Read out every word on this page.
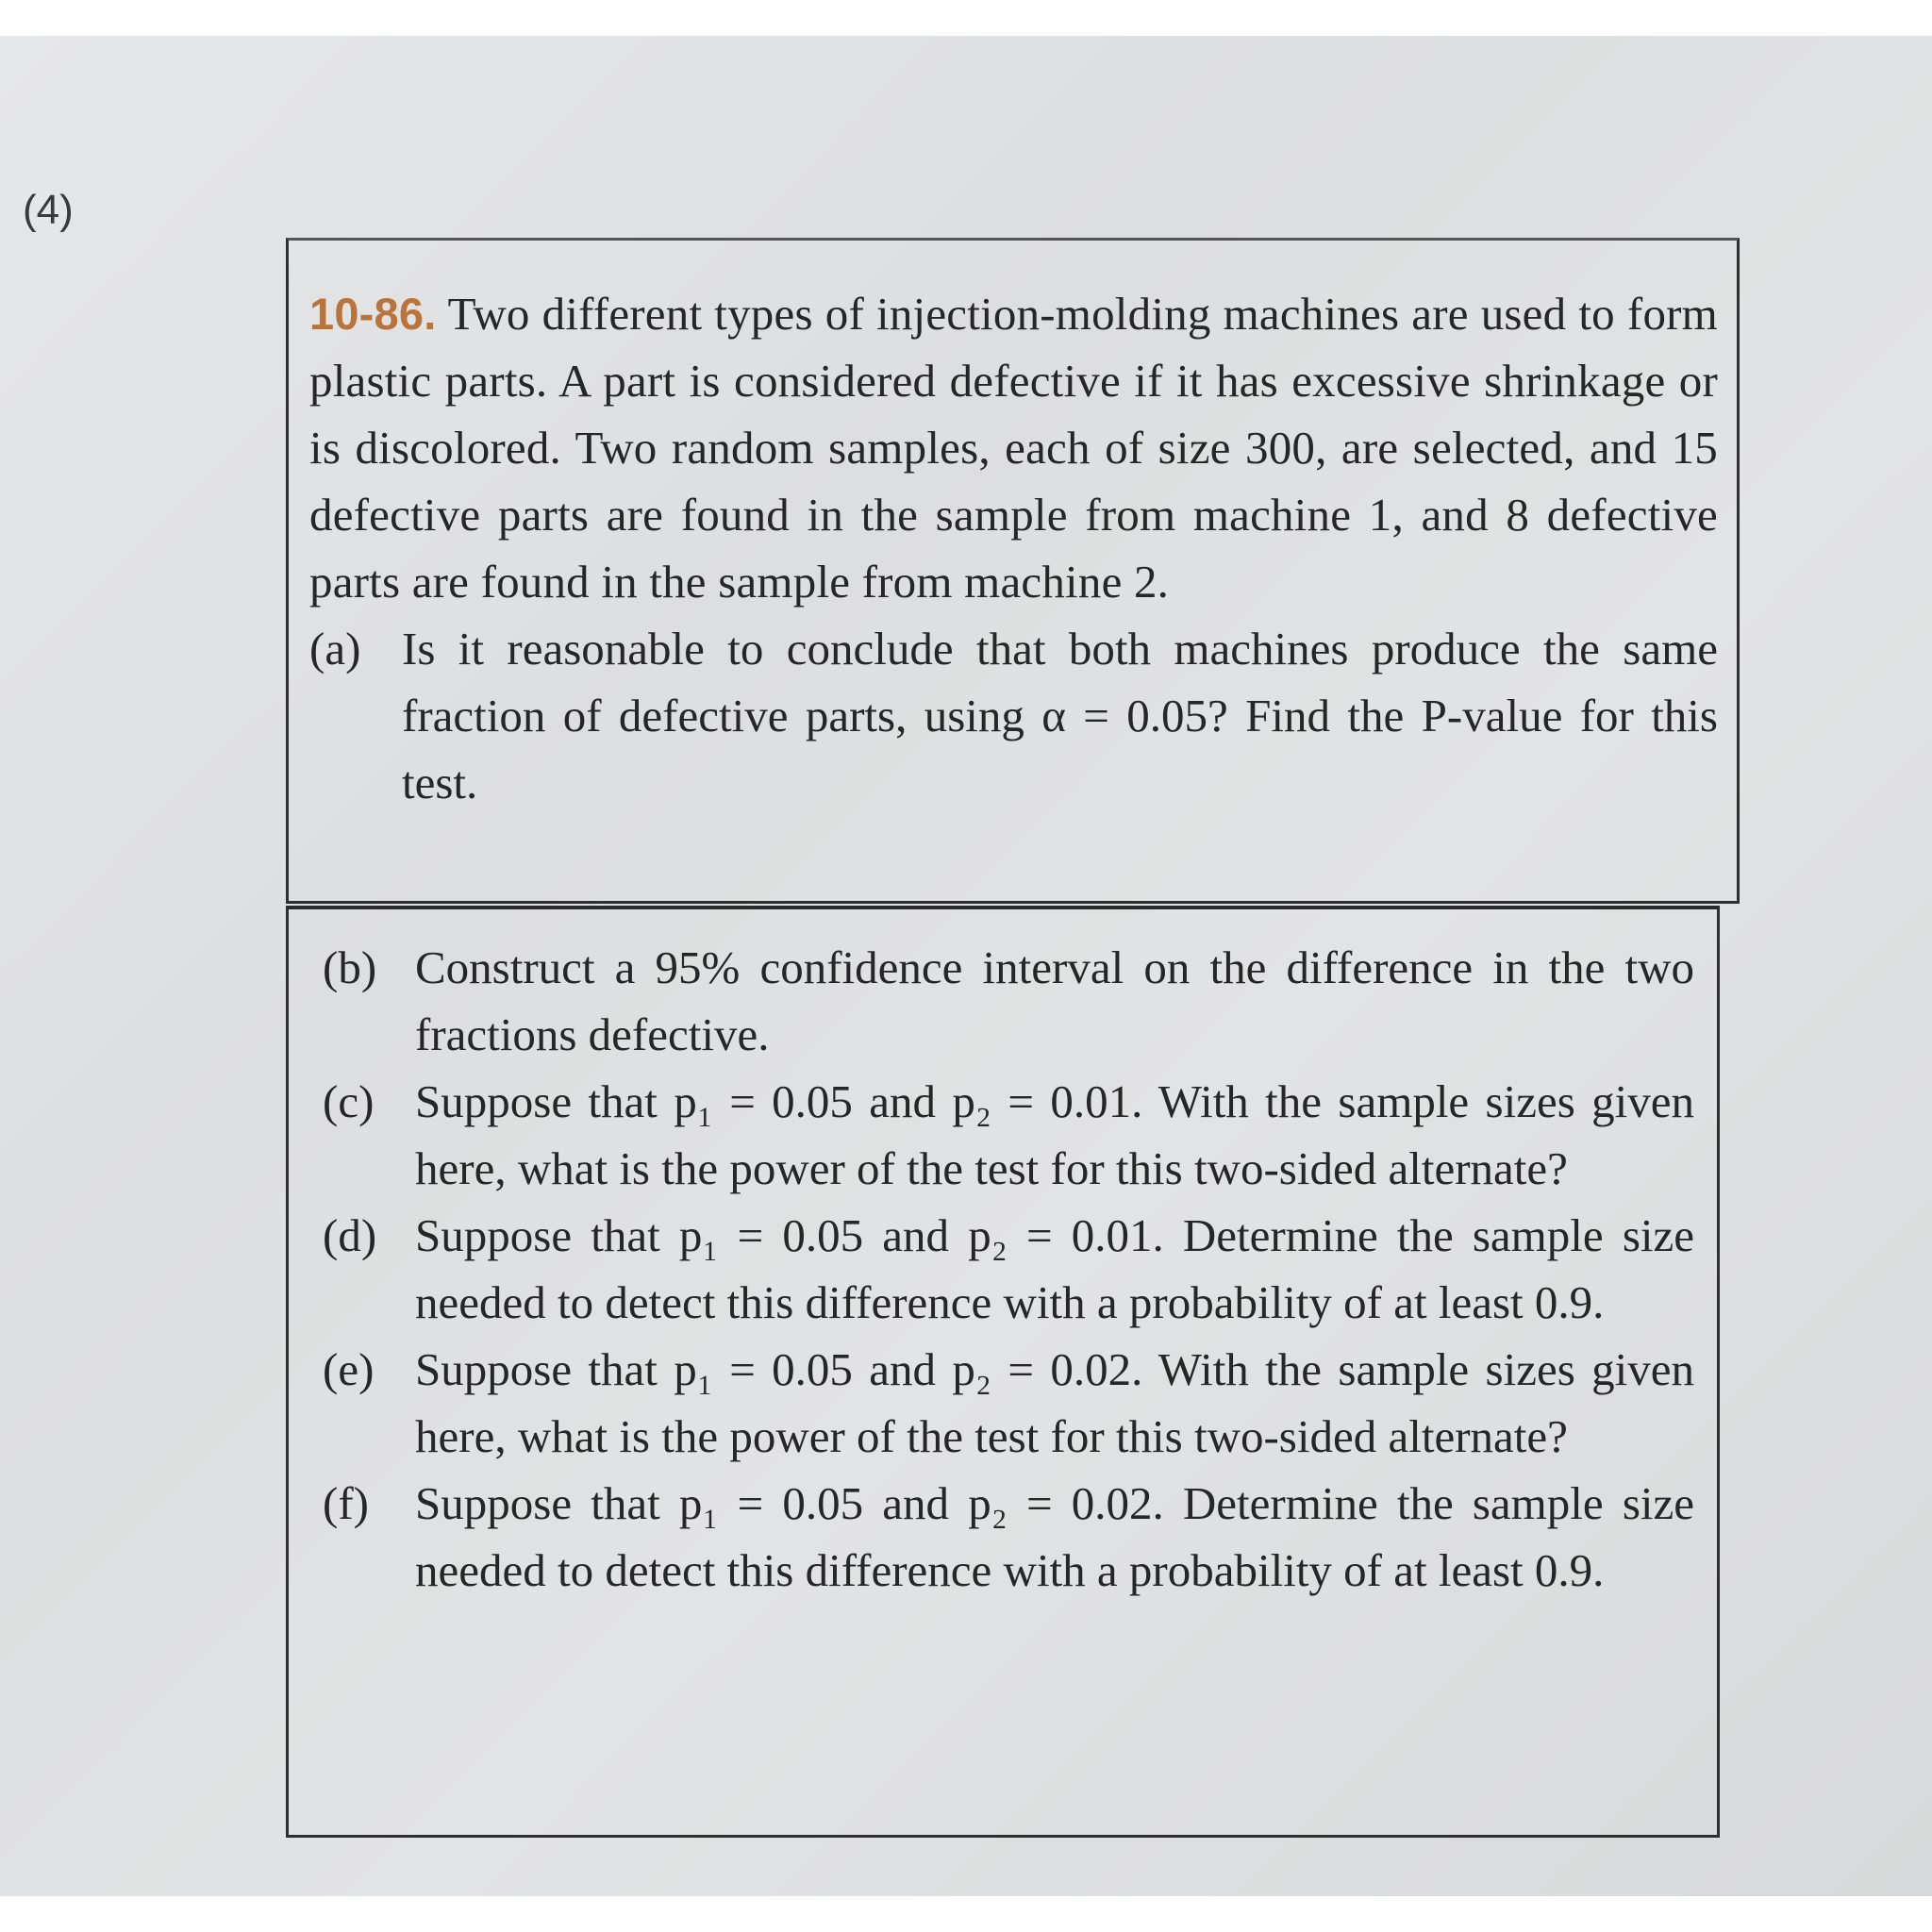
(4)

10-86. Two different types of injection-molding machines are used to form plastic parts. A part is considered defective if it has excessive shrinkage or is discolored. Two random samples, each of size 300, are selected, and 15 defective parts are found in the sample from machine 1, and 8 defective parts are found in the sample from machine 2.

(a) Is it reasonable to conclude that both machines produce the same fraction of defective parts, using α = 0.05? Find the P-value for this test.
(b) Construct a 95% confidence interval on the difference in the two fractions defective.
(c) Suppose that p₁ = 0.05 and p₂ = 0.01. With the sample sizes given here, what is the power of the test for this two-sided alternate?
(d) Suppose that p₁ = 0.05 and p₂ = 0.01. Determine the sample size needed to detect this difference with a probability of at least 0.9.
(e) Suppose that p₁ = 0.05 and p₂ = 0.02. With the sample sizes given here, what is the power of the test for this two-sided alternate?
(f)	Suppose that p₁ = 0.05 and p₂ = 0.02. Determine the sample size needed to detect this difference with a probability of at least 0.9.
